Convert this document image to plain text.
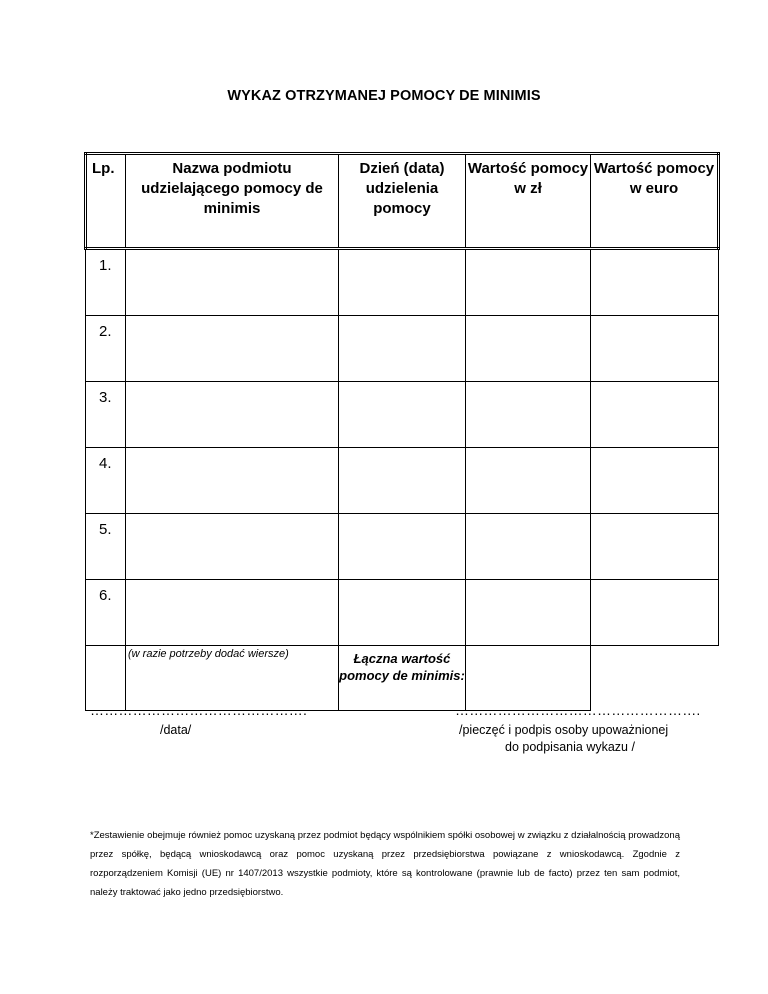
WYKAZ OTRZYMANEJ POMOCY DE MINIMIS
Lp.	Nazwa podmiotu udzielającego pomocy de minimis	Dzień (data) udzielenia pomocy	Wartość pomocy w zł	Wartość pomocy w euro
1.				
2.				
3.				
4.				
5.				
6.				
	(w razie potrzeby dodać wiersze)	Łączna wartość pomocy de minimis:		
……………………………………….
/data/
…………………………………………….
/pieczęć i podpis osoby upoważnionej
do podpisania wykazu /
*Zestawienie obejmuje również pomoc uzyskaną przez podmiot będący wspólnikiem spółki osobowej w związku z działalnością prowadzoną przez spółkę, będącą wnioskodawcą oraz pomoc uzyskaną przez przedsiębiorstwa powiązane z wnioskodawcą. Zgodnie z rozporządzeniem Komisji (UE) nr 1407/2013 wszystkie podmioty, które są kontrolowane (prawnie lub de facto) przez ten sam podmiot, należy traktować jako jedno przedsiębiorstwo.
